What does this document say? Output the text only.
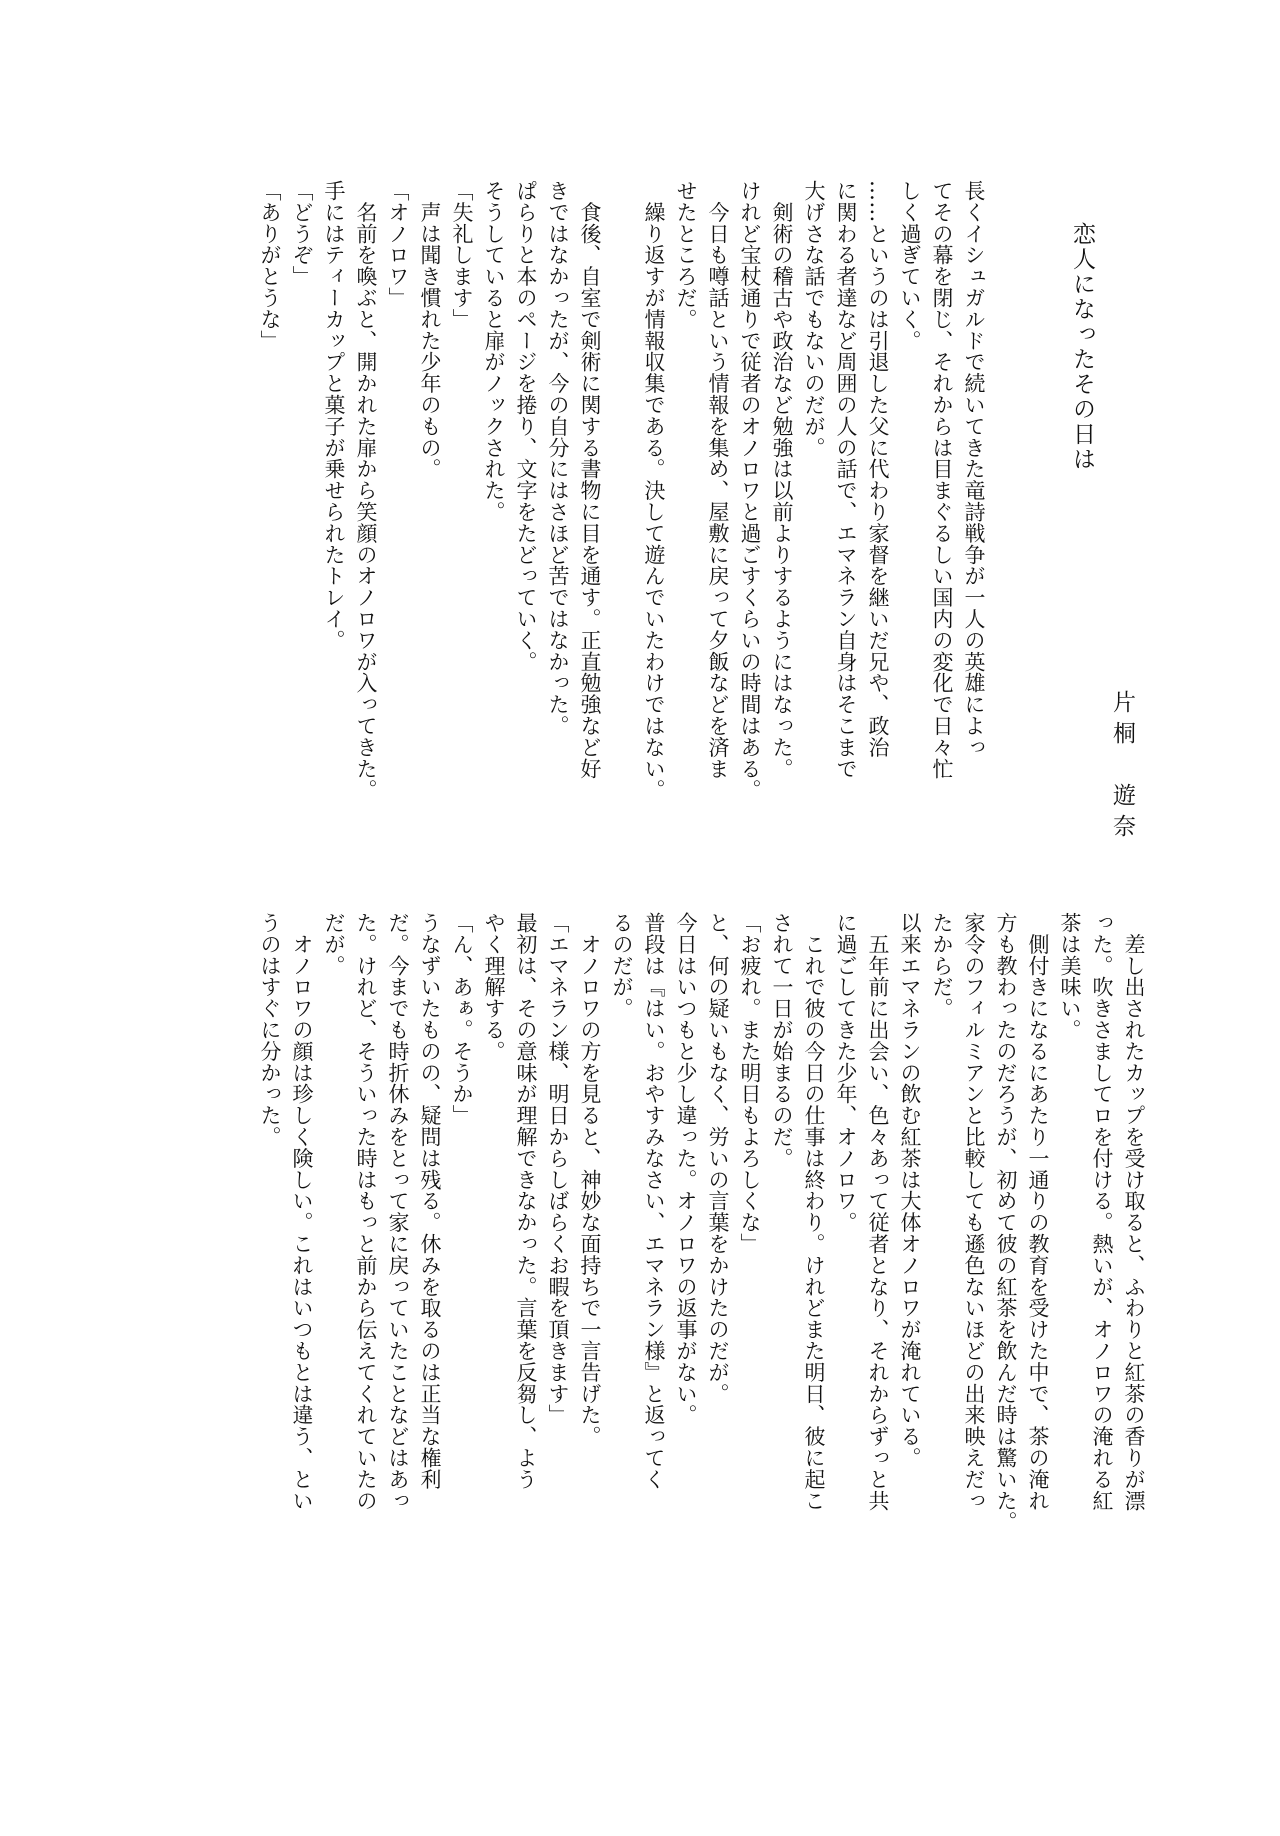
恋人になったその日は
片桐　遊奈
長くイシュガルドで続いてきた竜詩戦争が一人の英雄によっ
てその幕を閉じ、それからは目まぐるしい国内の変化で日々忙
しく過ぎていく。
……というのは引退した父に代わり家督を継いだ兄や、政治
に関わる者達など周囲の人の話で、エマネラン自身はそこまで
大げさな話でもないのだが。
　剣術の稽古や政治など勉強は以前よりするようにはなった。
けれど宝杖通りで従者のオノロワと過ごすくらいの時間はある。
　今日も噂話という情報を集め、屋敷に戻って夕飯などを済ま
せたところだ。
　繰り返すが情報収集である。決して遊んでいたわけではない。

　食後、自室で剣術に関する書物に目を通す。正直勉強など好
きではなかったが、今の自分にはさほど苦ではなかった。
ぱらりと本のページを捲り、文字をたどっていく。
そうしていると扉がノックされた。
「失礼します」
　声は聞き慣れた少年のもの。
「オノロワ」
　名前を喚ぶと、開かれた扉から笑顔のオノロワが入ってきた。
手にはティーカップと菓子が乗せられたトレイ。
「どうぞ」
「ありがとうな」
　差し出されたカップを受け取ると、ふわりと紅茶の香りが漂
った。吹きさましてロを付ける。熱いが、オノロワの淹れる紅
茶は美味い。
　側付きになるにあたり一通りの教育を受けた中で、茶の淹れ
方も教わったのだろうが、初めて彼の紅茶を飲んだ時は驚いた。
家令のフィルミアンと比較しても遜色ないほどの出来映えだっ
たからだ。
以来エマネランの飲む紅茶は大体オノロワが淹れている。
　五年前に出会い、色々あって従者となり、それからずっと共
に過ごしてきた少年、オノロワ。
　これで彼の今日の仕事は終わり。けれどまた明日、彼に起こ
されて一日が始まるのだ。
「お疲れ。また明日もよろしくな」
と、何の疑いもなく、労いの言葉をかけたのだが。
今日はいつもと少し違った。オノロワの返事がない。
普段は『はい。おやすみなさい、エマネラン様』と返ってく
るのだが。
　オノロワの方を見ると、神妙な面持ちで一言告げた。
「エマネラン様、明日からしばらくお暇を頂きます」
最初は、その意味が理解できなかった。言葉を反芻し、よう
やく理解する。
「ん、あぁ。そうか」
うなずいたものの、疑問は残る。休みを取るのは正当な権利
だ。今までも時折休みをとって家に戻っていたことなどはあっ
た。けれど、そういった時はもっと前から伝えてくれていたの
だが。
　オノロワの顔は珍しく険しい。これはいつもとは違う、とい
うのはすぐに分かった。
